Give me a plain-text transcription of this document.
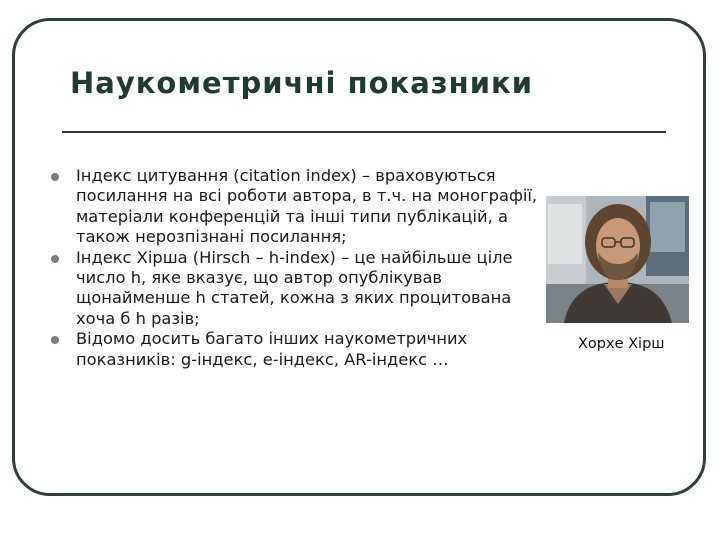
Наукометричні показники
Індекс цитування (citation index) – враховуються посилання на всі роботи автора, в т.ч. на монографії, матеріали конференцій та інші типи публікацій, а також нерозпізнані посилання;
Індекс Хірша (Hirsch – h-index) – це найбільше ціле число h, яке вказує, що автор опублікував щонайменше h статей, кожна з яких процитована хоча б h разів;
Відомо досить багато інших наукометричних показників: g-індекс, e-індекс, AR-індекс …
Хорхе Хірш
